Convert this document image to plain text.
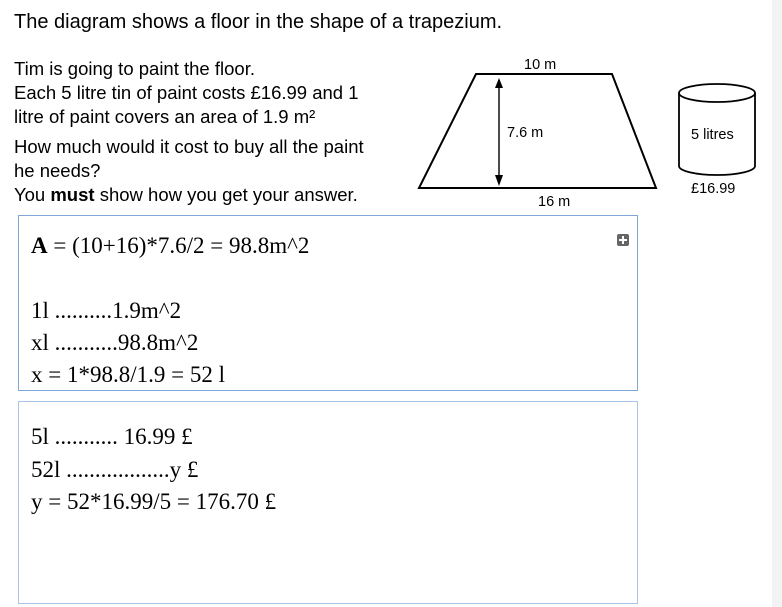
The diagram shows a floor in the shape of a trapezium.
Tim is going to paint the floor.
Each 5 litre tin of paint costs £16.99 and 1
litre of paint covers an area of 1.9 m²
How much would it cost to buy all the paint
he needs?
You must show how you get your answer.
10 m
7.6 m
16 m
5 litres
£16.99
A = (10+16)*7.6/2 = 98.8m^2
1l ..........1.9m^2
xl ...........98.8m^2
x = 1*98.8/1.9 = 52 l
5l ........... 16.99 £
52l ..................y £
y = 52*16.99/5 = 176.70 £
